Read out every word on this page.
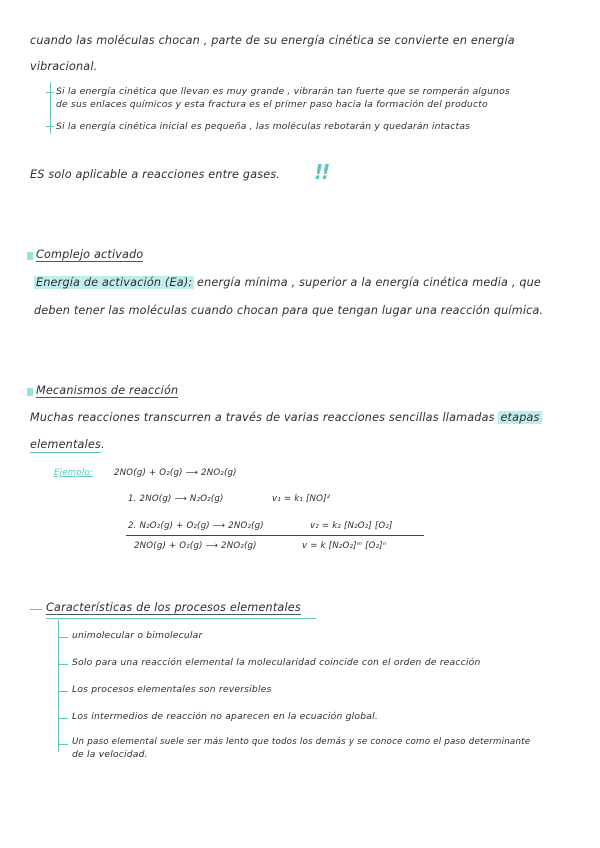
cuando las moléculas chocan , parte de su energía cinética se convierte en energía
vibracional.
Si la energía cinética que llevan es muy grande , vibrarán tan fuerte que se romperán algunos
de sus enlaces químicos y esta fractura es el primer paso hacia la formación del producto
Si la energía cinética inicial es pequeña , las moléculas rebotarán y quedarán intactas
ES solo aplicable a reacciones entre gases. !!
Complejo activado
Energía de activación (Ea): energía mínima , superior a la energía cinética media , que
deben tener las moléculas cuando chocan para que tengan lugar una reacción química.
Mecanismos de reacción
Muchas reacciones transcurren a través de varias reacciones sencillas llamadas etapas
elementales.
Ejemplo: 2NO(g) + O₂(g) ⟶ 2NO₂(g)
1. 2NO(g) ⟶ N₂O₂(g)	v₁ = k₁ [NO]²
2. N₂O₂(g) + O₂(g) ⟶ 2NO₂(g)	v₂ = k₂ [N₂O₂] [O₂]
2NO(g) + O₂(g) ⟶ 2NO₂(g)	v = k [N₂O₂]ᵐ [O₂]ⁿ
Características de los procesos elementales
unimolecular o bimolecular
Solo para una reacción elemental la molecularidad coincide con el orden de reacción
Los procesos elementales son reversibles
Los intermedios de reacción no aparecen en la ecuación global.
Un paso elemental suele ser más lento que todos los demás y se conoce como el paso determinante
de la velocidad.
